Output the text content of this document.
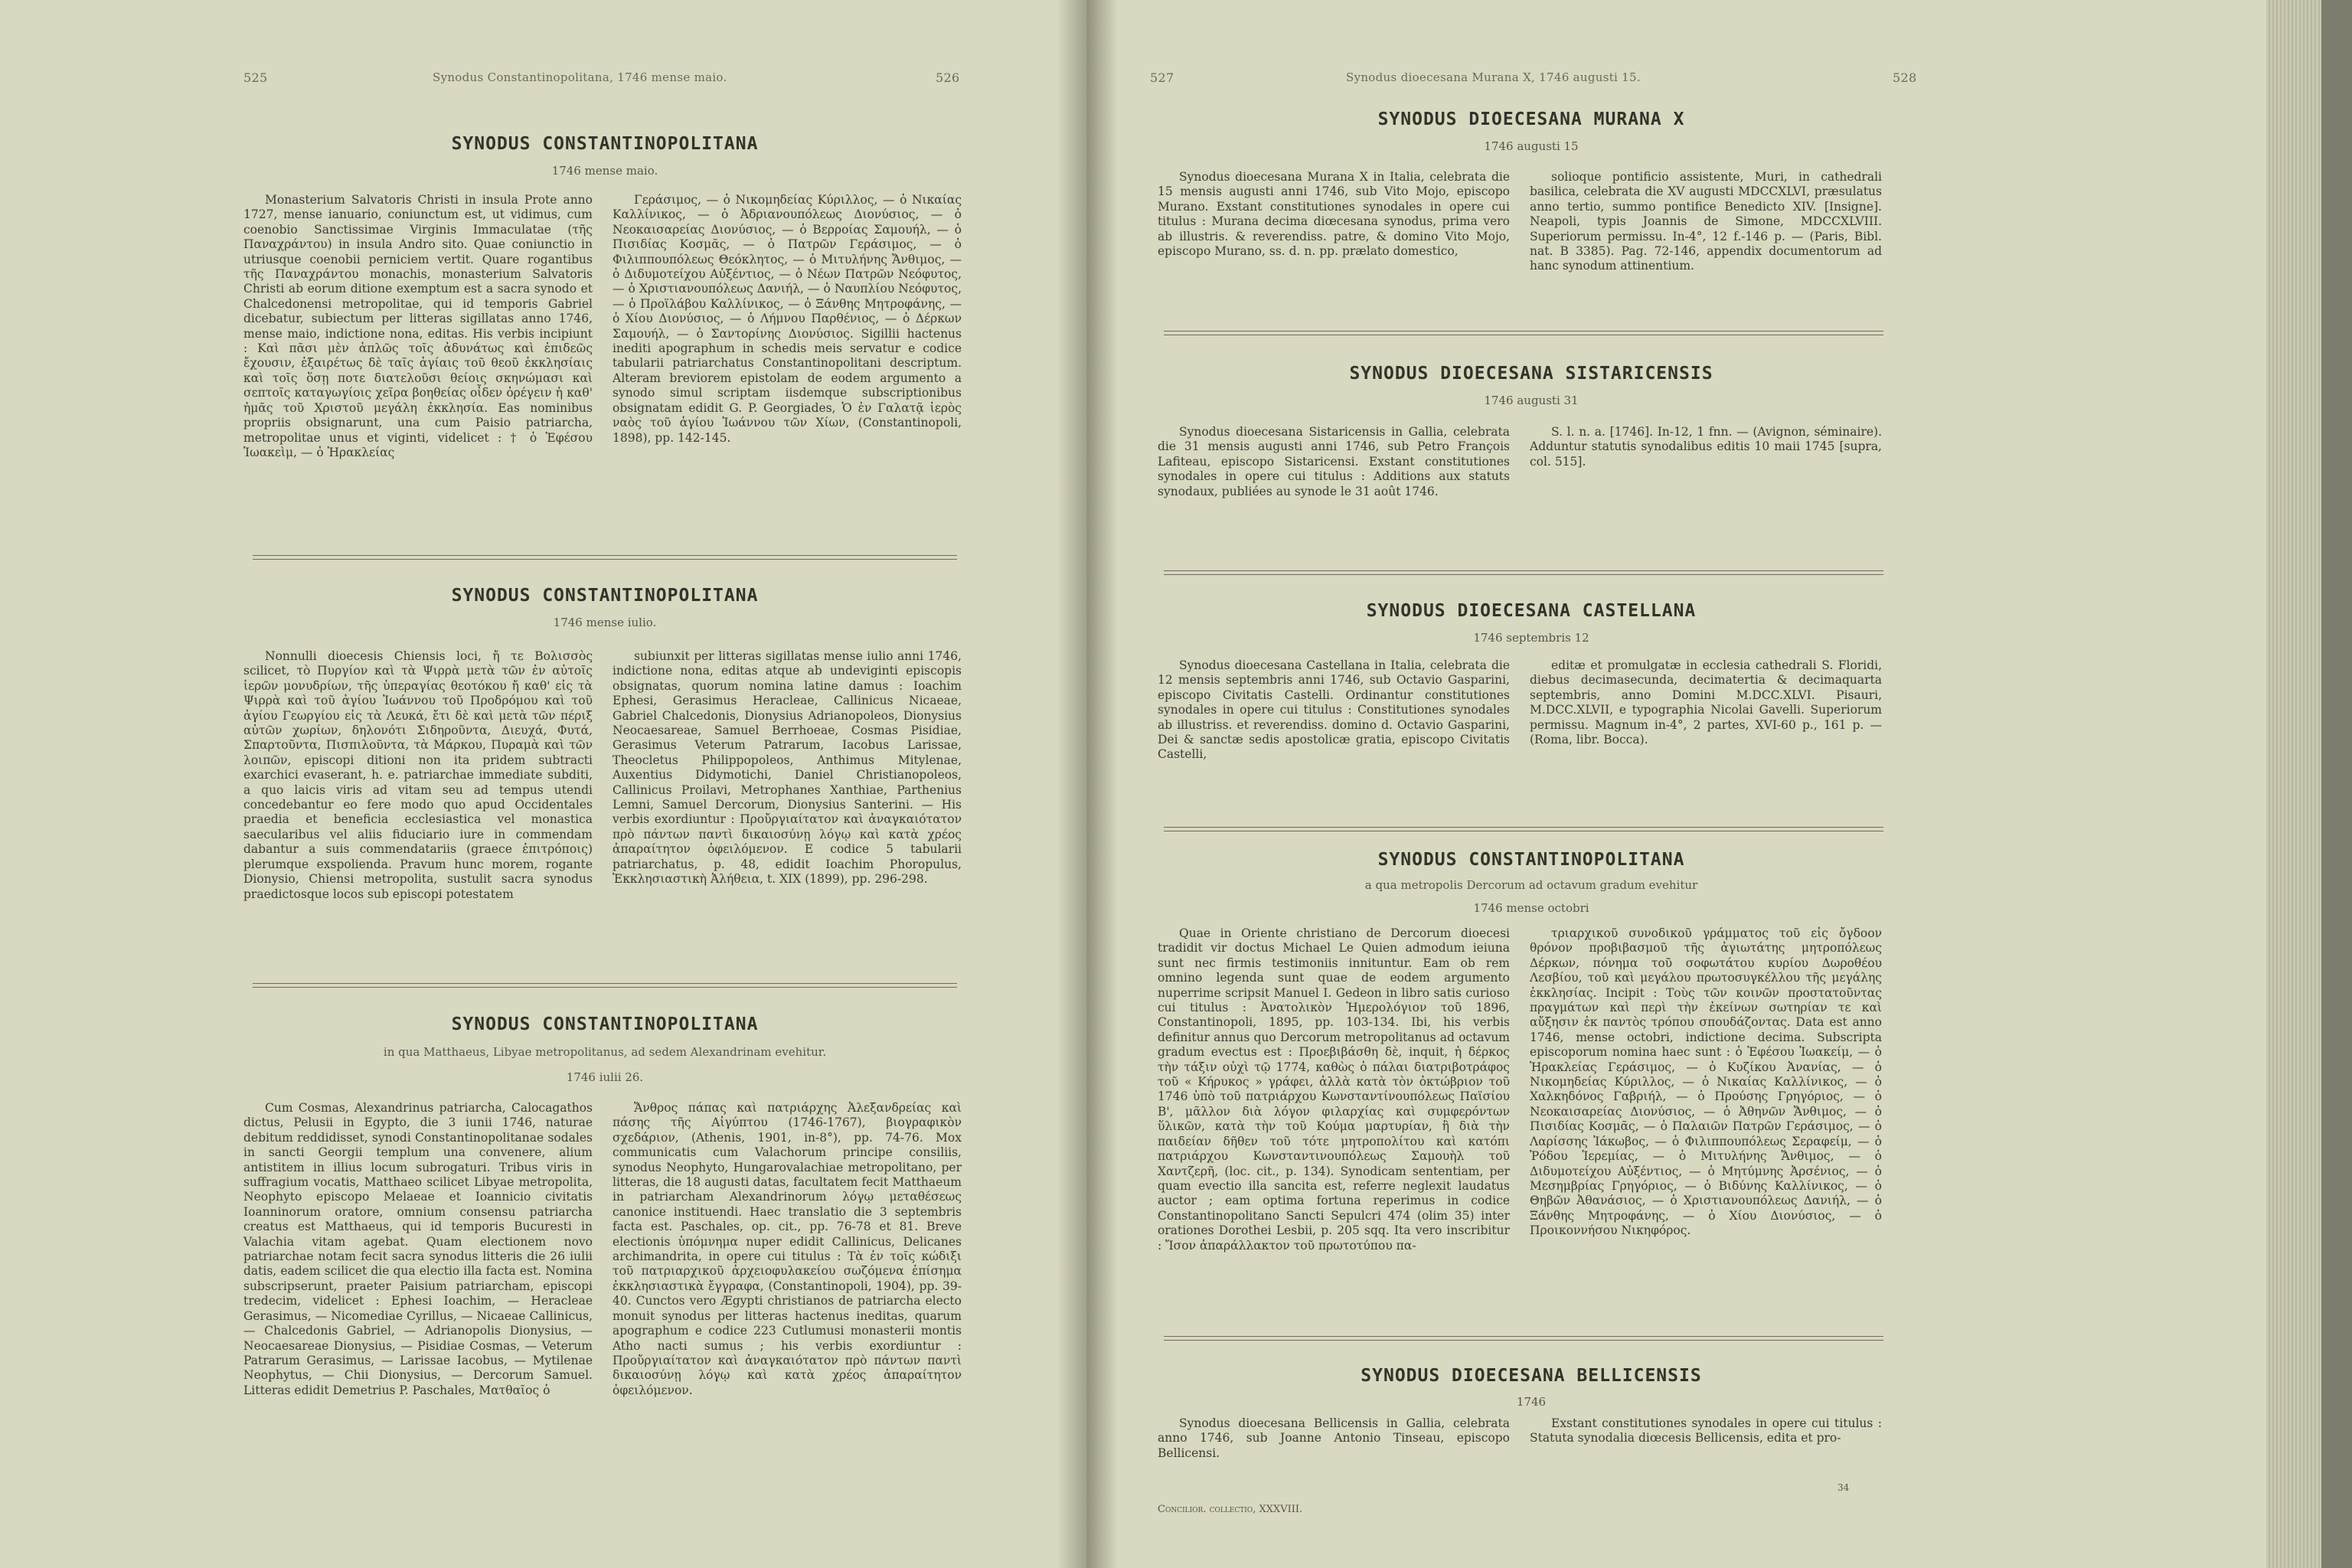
525	Synodus Constantinopolitana, 1746 mense maio.	526
SYNODUS CONSTANTINOPOLITANA
1746 mense maio.

Monasterium Salvatoris Christi in insula Prote anno 1727, mense ianuario, coniunctum est, ut vidimus, cum coenobio Sanctissimae Virginis Immaculatae (τῆς Παναχράντου) in insula Andro sito. Quae coniunctio in utriusque coenobii perniciem vertit. Quare rogantibus τῆς Παναχράντου monachis, monasterium Salvatoris Christi ab eorum ditione exemptum est a sacra synodo et Chalcedonensi metropolitae, qui id temporis Gabriel dicebatur, subiectum per litteras sigillatas anno 1746, mense maio, indictione nona, editas. His verbis incipiunt : Καὶ πᾶσι μὲν ἁπλῶς τοῖς ἀδυνάτως καὶ ἐπιδεῶς ἔχουσιν, ἐξαιρέτως δὲ ταῖς ἁγίαις τοῦ θεοῦ ἐκκλησίαις καὶ τοῖς ὅσῃ ποτε διατελοῦσι θείοις σκηνώμασι καὶ σεπτοῖς καταγωγίοις χεῖρα βοηθείας οἶδεν ὀρέγειν ἡ καθ' ἡμᾶς τοῦ Χριστοῦ μεγάλη ἐκκλησία. Eas nominibus propriis obsignarunt, una cum Paisio patriarcha, metropolitae unus et viginti, videlicet : † ὁ Ἐφέσου Ἰωακεὶμ, — ὁ Ἡρακλείας

Γεράσιμος, — ὁ Νικομηδείας Κύριλλος, — ὁ Νικαίας Καλλίνικος, — ὁ Ἀδριανουπόλεως Διονύσιος, — ὁ Νεοκαισαρείας Διονύσιος, — ὁ Βερροίας Σαμουήλ, — ὁ Πισιδίας Κοσμᾶς, — ὁ Πατρῶν Γεράσιμος, — ὁ Φιλιππουπόλεως Θεόκλητος, — ὁ Μιτυλήνης Ἄνθιμος, — ὁ Διδυμοτείχου Αὐξέντιος, — ὁ Νέων Πατρῶν Νεόφυτος, — ὁ Χριστιανουπόλεως Δανιήλ, — ὁ Ναυπλίου Νεόφυτος, — ὁ Προϊλάβου Καλλίνικος, — ὁ Ξάνθης Μητροφάνης, — ὁ Χίου Διονύσιος, — ὁ Λήμνου Παρθένιος, — ὁ Δέρκων Σαμουήλ, — ὁ Σαντορίνης Διονύσιος. Sigillii hactenus inediti apographum in schedis meis servatur e codice tabularii patriarchatus Constantinopolitani descriptum. Alteram breviorem epistolam de eodem argumento a synodo simul scriptam iisdemque subscriptionibus obsignatam edidit G. P. Georgiades, Ὁ ἐν Γαλατᾷ ἱερὸς ναὸς τοῦ ἁγίου Ἰωάννου τῶν Χίων, (Constantinopoli, 1898), pp. 142-145.

SYNODUS CONSTANTINOPOLITANA
1746 mense iulio.

Nonnulli dioecesis Chiensis loci, ἤ τε Βολισσὸς scilicet, τὸ Πυργίον καὶ τὰ Ψιρρὰ μετὰ τῶν ἐν αὐτοῖς ἱερῶν μονυδρίων, τῆς ὑπεραγίας θεοτόκου ἤ καθ' εἰς τὰ Ψιρρὰ καὶ τοῦ ἁγίου Ἰωάννου τοῦ Προδρόμου καὶ τοῦ ἁγίου Γεωργίου εἰς τὰ Λευκά, ἔτι δὲ καὶ μετὰ τῶν πέριξ αὐτῶν χωρίων, δηλονότι Σιδηροῦντα, Διευχά, Φυτά, Σπαρτοῦντα, Πισπιλοῦντα, τὰ Μάρκου, Πυραμὰ καὶ τῶν λοιπῶν, episcopi ditioni non ita pridem subtracti exarchici evaserant, h. e. patriarchae immediate subditi, a quo laicis viris ad vitam seu ad tempus utendi concedebantur eo fere modo quo apud Occidentales praedia et beneficia ecclesiastica vel monastica saecularibus vel aliis fiduciario iure in commendam dabantur a suis commendatariis (graece ἐπιτρόποις) plerumque exspolienda. Pravum hunc morem, rogante Dionysio, Chiensi metropolita, sustulit sacra synodus praedictosque locos sub episcopi potestatem

subiunxit per litteras sigillatas mense iulio anni 1746, indictione nona, editas atque ab undeviginti episcopis obsignatas, quorum nomina latine damus : Ioachim Ephesi, Gerasimus Heracleae, Callinicus Nicaeae, Gabriel Chalcedonis, Dionysius Adrianopoleos, Dionysius Neocaesareae, Samuel Berrhoeae, Cosmas Pisidiae, Gerasimus Veterum Patrarum, Iacobus Larissae, Theocletus Philippopoleos, Anthimus Mitylenae, Auxentius Didymotichi, Daniel Christianopoleos, Callinicus Proilavi, Metrophanes Xanthiae, Parthenius Lemni, Samuel Dercorum, Dionysius Santerini. — His verbis exordiuntur : Προὔργιαίτατον καὶ ἀναγκαιότατον πρὸ πάντων παντὶ δικαιοσύνῃ λόγῳ καὶ κατὰ χρέος ἀπαραίτητον ὀφειλόμενον. E codice 5 tabularii patriarchatus, p. 48, edidit Ioachim Phoropulus, Ἐκκλησιαστικὴ Ἀλήθεια, t. XIX (1899), pp. 296-298.

SYNODUS CONSTANTINOPOLITANA
in qua Matthaeus, Libyae metropolitanus, ad sedem Alexandrinam evehitur.
1746 iulii 26.

Cum Cosmas, Alexandrinus patriarcha, Calocagathos dictus, Pelusii in Egypto, die 3 iunii 1746, naturae debitum reddidisset, synodi Constantinopolitanae sodales in sancti Georgii templum una convenere, alium antistitem in illius locum subrogaturi. Tribus viris in suffragium vocatis, Matthaeo scilicet Libyae metropolita, Neophyto episcopo Melaeae et Ioannicio civitatis Ioanninorum oratore, omnium consensu patriarcha creatus est Matthaeus, qui id temporis Bucuresti in Valachia vitam agebat. Quam electionem novo patriarchae notam fecit sacra synodus litteris die 26 iulii datis, eadem scilicet die qua electio illa facta est. Nomina subscripserunt, praeter Paisium patriarcham, episcopi tredecim, videlicet : Ephesi Ioachim, — Heracleae Gerasimus, — Nicomediae Cyrillus, — Nicaeae Callinicus, — Chalcedonis Gabriel, — Adrianopolis Dionysius, — Neocaesareae Dionysius, — Pisidiae Cosmas, — Veterum Patrarum Gerasimus, — Larissae Iacobus, — Mytilenae Neophytus, — Chii Dionysius, — Dercorum Samuel. Litteras edidit Demetrius P. Paschales, Ματθαῖος ὁ

Ἄνθρος πάπας καὶ πατριάρχης Ἀλεξανδρείας καὶ πάσης τῆς Αἰγύπτου (1746-1767), βιογραφικὸν σχεδάριον, (Athenis, 1901, in-8°), pp. 74-76. Mox communicatis cum Valachorum principe consiliis, synodus Neophyto, Hungarovalachiae metropolitano, per litteras, die 18 augusti datas, facultatem fecit Matthaeum in patriarcham Alexandrinorum λόγῳ μεταθέσεως canonice instituendi. Haec translatio die 3 septembris facta est. Paschales, op. cit., pp. 76-78 et 81. Breve electionis ὑπόμνημα nuper edidit Callinicus, Delicanes archimandrita, in opere cui titulus : Τὰ ἐν τοῖς κώδιξι τοῦ πατριαρχικοῦ ἀρχειοφυλακείου σωζόμενα ἐπίσημα ἐκκλησιαστικὰ ἔγγραφα, (Constantinopoli, 1904), pp. 39-40. Cunctos vero Ægypti christianos de patriarcha electo monuit synodus per litteras hactenus ineditas, quarum apographum e codice 223 Cutlumusi monasterii montis Atho nacti sumus ; his verbis exordiuntur : Προὔργιαίτατον καὶ ἀναγκαιότατον πρὸ πάντων παντὶ δικαιοσύνῃ λόγῳ καὶ κατὰ χρέος ἀπαραίτητον ὀφειλόμενον.

527	Synodus dioecesana Murana X, 1746 augusti 15.	528
SYNODUS DIOECESANA MURANA X
1746 augusti 15

Synodus dioecesana Murana X in Italia, celebrata die 15 mensis augusti anni 1746, sub Vito Mojo, episcopo Murano. Exstant constitutiones synodales in opere cui titulus : Murana decima diœcesana synodus, prima vero ab illustris. & reverendiss. patre, & domino Vito Mojo, episcopo Murano, ss. d. n. pp. prælato domestico,

solioque pontificio assistente, Muri, in cathedrali basilica, celebrata die XV augusti MDCCXLVI, præsulatus anno tertio, summo pontifice Benedicto XIV. [Insigne]. Neapoli, typis Joannis de Simone, MDCCXLVIII. Superiorum permissu. In-4°, 12 f.-146 p. — (Paris, Bibl. nat. B 3385). Pag. 72-146, appendix documentorum ad hanc synodum attinentium.

SYNODUS DIOECESANA SISTARICENSIS
1746 augusti 31

Synodus dioecesana Sistaricensis in Gallia, celebrata die 31 mensis augusti anni 1746, sub Petro François Lafiteau, episcopo Sistaricensi. Exstant constitutiones synodales in opere cui titulus : Additions aux statuts synodaux, publiées au synode le 31 août 1746.

S. l. n. a. [1746]. In-12, 1 fnn. — (Avignon, séminaire). Adduntur statutis synodalibus editis 10 maii 1745 [supra, col. 515].

SYNODUS DIOECESANA CASTELLANA
1746 septembris 12

Synodus dioecesana Castellana in Italia, celebrata die 12 mensis septembris anni 1746, sub Octavio Gasparini, episcopo Civitatis Castelli. Ordinantur constitutiones synodales in opere cui titulus : Constitutiones synodales ab illustriss. et reverendiss. domino d. Octavio Gasparini, Dei & sanctæ sedis apostolicæ gratia, episcopo Civitatis Castelli,

editæ et promulgatæ in ecclesia cathedrali S. Floridi, diebus decimasecunda, decimatertia & decimaquarta septembris, anno Domini M.DCC.XLVI. Pisauri, M.DCC.XLVII, e typographia Nicolai Gavelli. Superiorum permissu. Magnum in-4°, 2 partes, XVI-60 p., 161 p. — (Roma, libr. Bocca).

SYNODUS CONSTANTINOPOLITANA
a qua metropolis Dercorum ad octavum gradum evehitur
1746 mense octobri

Quae in Oriente christiano de Dercorum dioecesi tradidit vir doctus Michael Le Quien admodum ieiuna sunt nec firmis testimoniis innituntur. Eam ob rem omnino legenda sunt quae de eodem argumento nuperrime scripsit Manuel I. Gedeon in libro satis curioso cui titulus : Ἀνατολικὸν Ἡμερολόγιον τοῦ 1896, Constantinopoli, 1895, pp. 103-134. Ibi, his verbis definitur annus quo Dercorum metropolitanus ad octavum gradum evectus est : Προεβιβάσθη δὲ, inquit, ἡ δέρκος τὴν τάξιν οὐχὶ τῷ 1774, καθὼς ὁ πάλαι διατριβοτράφος τοῦ « Κήρυκος » γράφει, ἀλλὰ κατὰ τὸν ὀκτώβριον τοῦ 1746 ὑπὸ τοῦ πατριάρχου Κωνσταντίνουπόλεως Παϊσίου Β', μᾶλλον διὰ λόγον φιλαρχίας καὶ συμφερόντων ὕλικῶν, κατὰ τὴν τοῦ Κούμα μαρτυρίαν, ἢ διὰ τὴν παιδείαν δῆθεν τοῦ τότε μητροπολίτου καὶ κατόπι πατριάρχου Κωνσταντινουπόλεως Σαμουὴλ τοῦ Χαντζερῆ, (loc. cit., p. 134). Synodicam sententiam, per quam evectio illa sancita est, referre neglexit laudatus auctor ; eam optima fortuna reperimus in codice Constantinopolitano Sancti Sepulcri 474 (olim 35) inter orationes Dorothei Lesbii, p. 205 sqq. Ita vero inscribitur : Ἴσον ἀπαράλλακτον τοῦ πρωτοτύπου πα-

τριαρχικοῦ συνοδικοῦ γράμματος τοῦ εἰς ὄγδοον θρόνον προβιβασμοῦ τῆς ἁγιωτάτης μητροπόλεως Δέρκων, πόνημα τοῦ σοφωτάτου κυρίου Δωροθέου Λεσβίου, τοῦ καὶ μεγάλου πρωτοσυγκέλλου τῆς μεγάλης ἐκκλησίας. Incipit : Τοὺς τῶν κοινῶν προστατοῦντας πραγμάτων καὶ περὶ τὴν ἐκείνων σωτηρίαν τε καὶ αὔξησιν ἐκ παντὸς τρόπου σπουδάζοντας. Data est anno 1746, mense octobri, indictione decima. Subscripta episcoporum nomina haec sunt : ὁ Ἐφέσου Ἰωακείμ, — ὁ Ἡρακλείας Γεράσιμος, — ὁ Κυζίκου Ἀνανίας, — ὁ Νικομηδείας Κύριλλος, — ὁ Νικαίας Καλλίνικος, — ὁ Χαλκηδόνος Γαβριήλ, — ὁ Προύσης Γρηγόριος, — ὁ Νεοκαισαρείας Διονύσιος, — ὁ Ἀθηνῶν Ἄνθιμος, — ὁ Πισιδίας Κοσμᾶς, — ὁ Παλαιῶν Πατρῶν Γεράσιμος, — ὁ Λαρίσσης Ἰάκωβος, — ὁ Φιλιππουπόλεως Σεραφείμ, — ὁ Ῥόδου Ἱερεμίας, — ὁ Μιτυλήνης Ἄνθιμος, — ὁ Διδυμοτείχου Αὐξέντιος, — ὁ Μητύμνης Ἀρσένιος, — ὁ Μεσημβρίας Γρηγόριος, — ὁ Βιδύνης Καλλίνικος, — ὁ Θηβῶν Ἀθανάσιος, — ὁ Χριστιανουπόλεως Δανιήλ, — ὁ Ξάνθης Μητροφάνης, — ὁ Χίου Διονύσιος, — ὁ Προικοννήσου Νικηφόρος.

SYNODUS DIOECESANA BELLICENSIS
1746

Synodus dioecesana Bellicensis in Gallia, celebrata anno 1746, sub Joanne Antonio Tinseau, episcopo Bellicensi.

Exstant constitutiones synodales in opere cui titulus : Statuta synodalia diœcesis Bellicensis, edita et pro-

Concilior. collectio, XXXVIII.
34
